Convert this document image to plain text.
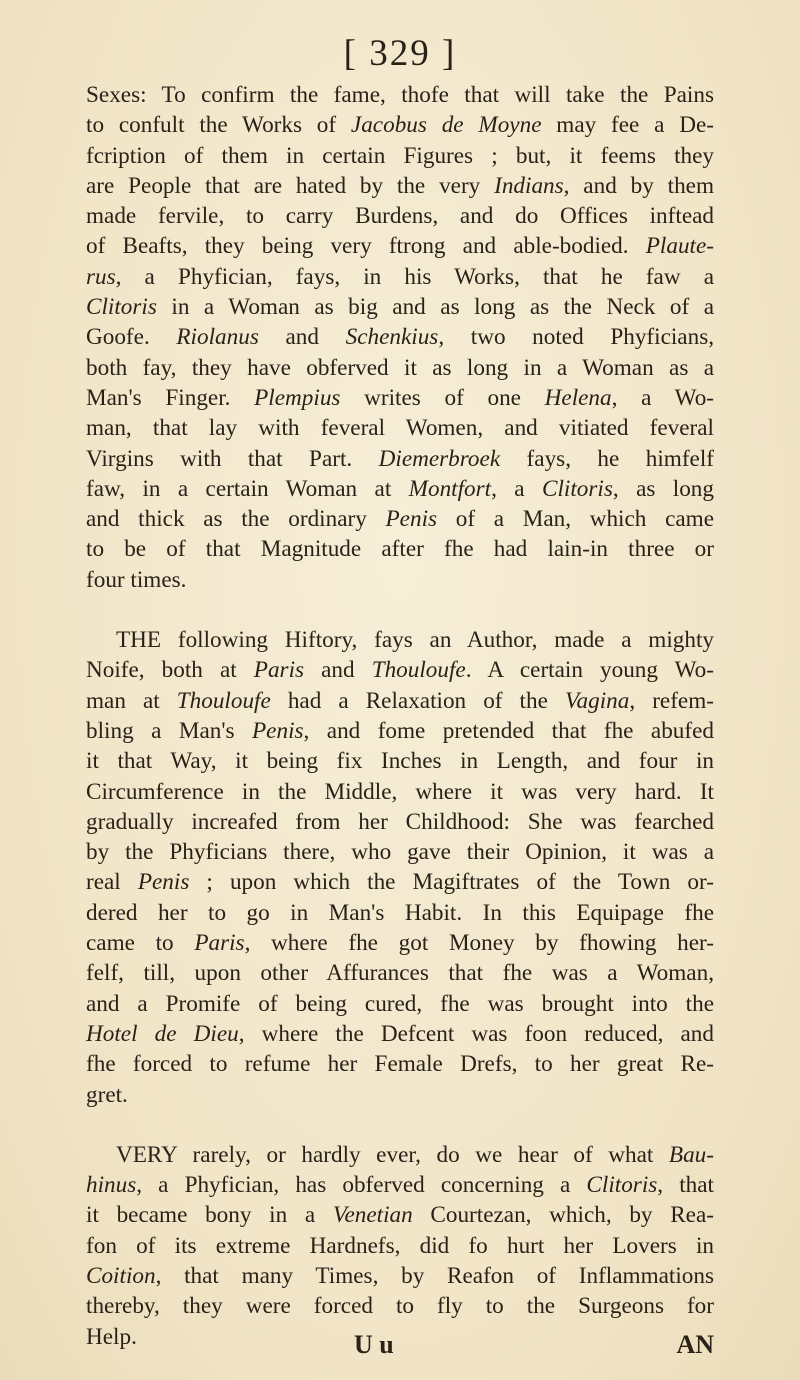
[ 329 ]
Sexes: To confirm the fame, thofe that will take the Pains
to confult the Works of Jacobus de Moyne may fee a De-
fcription of them in certain Figures ; but, it feems they
are People that are hated by the very Indians, and by them
made fervile, to carry Burdens, and do Offices inftead
of Beafts, they being very ftrong and able-bodied. Plaute-
rus, a Phyfician, fays, in his Works, that he faw a
Clitoris in a Woman as big and as long as the Neck of a
Goofe. Riolanus and Schenkius, two noted Phyficians,
both fay, they have obferved it as long in a Woman as a
Man's Finger. Plempius writes of one Helena, a Wo-
man, that lay with feveral Women, and vitiated feveral
Virgins with that Part. Diemerbroek fays, he himfelf
faw, in a certain Woman at Montfort, a Clitoris, as long
and thick as the ordinary Penis of a Man, which came
to be of that Magnitude after fhe had lain-in three or
four times.
THE following Hiftory, fays an Author, made a mighty
Noife, both at Paris and Thouloufe. A certain young Wo-
man at Thouloufe had a Relaxation of the Vagina, refem-
bling a Man's Penis, and fome pretended that fhe abufed
it that Way, it being fix Inches in Length, and four in
Circumference in the Middle, where it was very hard. It
gradually increafed from her Childhood: She was fearched
by the Phyficians there, who gave their Opinion, it was a
real Penis ; upon which the Magiftrates of the Town or-
dered her to go in Man's Habit. In this Equipage fhe
came to Paris, where fhe got Money by fhowing her-
felf, till, upon other Affurances that fhe was a Woman,
and a Promife of being cured, fhe was brought into the
Hotel de Dieu, where the Defcent was foon reduced, and
fhe forced to refume her Female Drefs, to her great Re-
gret.
VERY rarely, or hardly ever, do we hear of what Bau-
hinus, a Phyfician, has obferved concerning a Clitoris, that
it became bony in a Venetian Courtezan, which, by Rea-
fon of its extreme Hardnefs, did fo hurt her Lovers in
Coition, that many Times, by Reafon of Inflammations
thereby, they were forced to fly to the Surgeons for
Help.	U u	AN
